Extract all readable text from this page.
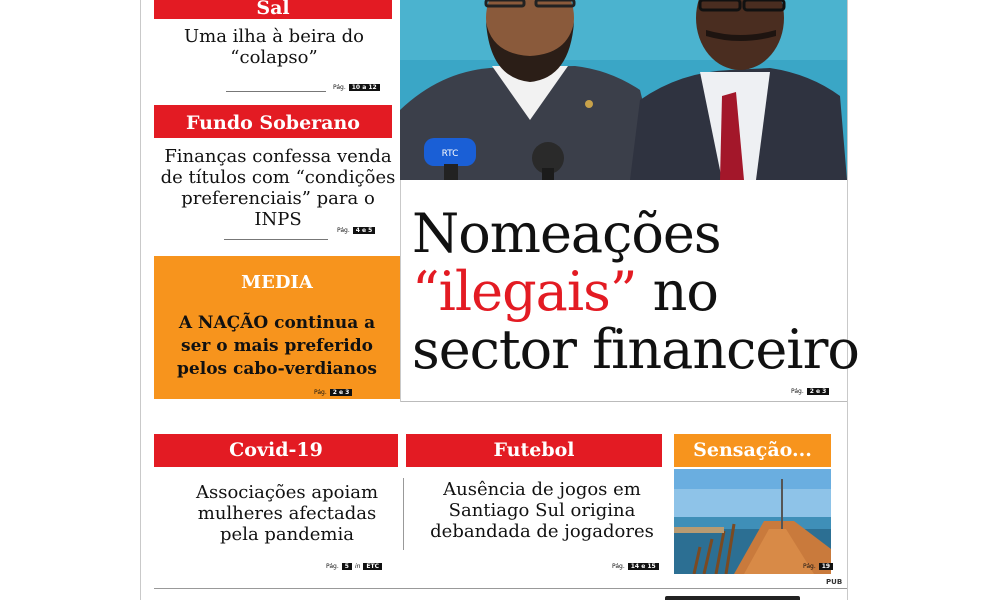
Sal
Uma ilha à beira do “colapso”
Pág.	10 a 12
Fundo Soberano
Finanças confessa venda de títulos com “condições preferenciais” para o INPS
Pág.	4 e 5
MEDIA
A NAÇÃO continua a ser o mais preferido pelos cabo-verdianos
Pág.	2 e 3
RTC
Nomeações
“ilegais” no
sector financeiro
Pág.	2 e 3
Covid-19
Associações apoiam mulheres afectadas pela pandemia
Pág.	5	in	ETC
Futebol
Ausência de jogos em Santiago Sul origina debandada de jogadores
Pág.	14 e 15
Sensação...
Pág.	19
PUB
